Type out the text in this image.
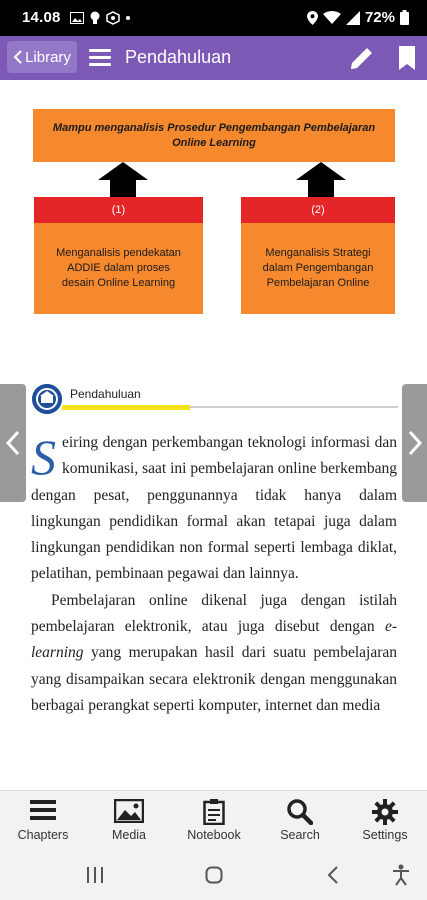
14.08	72%
Library	Pendahuluan
Mampu menganalisis Prosedur Pengembangan Pembelajaran Online Learning
(1)
Menganalisis pendekatan ADDIE dalam proses desain Online Learning
(2)
Menganalisis Strategi dalam Pengembangan Pembelajaran Online
Pendahuluan

Seiring dengan perkembangan teknologi informasi dan komunikasi, saat ini pembelajaran online berkembang dengan pesat, penggunannya tidak hanya dalam lingkungan pendidikan formal akan tetapai juga dalam lingkungan pendidikan non formal seperti lembaga diklat, pelatihan, pembinaan pegawai dan lainnya.

Pembelajaran online dikenal juga dengan istilah pembelajaran elektronik, atau juga disebut dengan e-learning yang merupakan hasil dari suatu pembelajaran yang disampaikan secara elektronik dengan menggunakan berbagai perangkat seperti komputer, internet dan media

Chapters	Media	Notebook	Search	Settings
